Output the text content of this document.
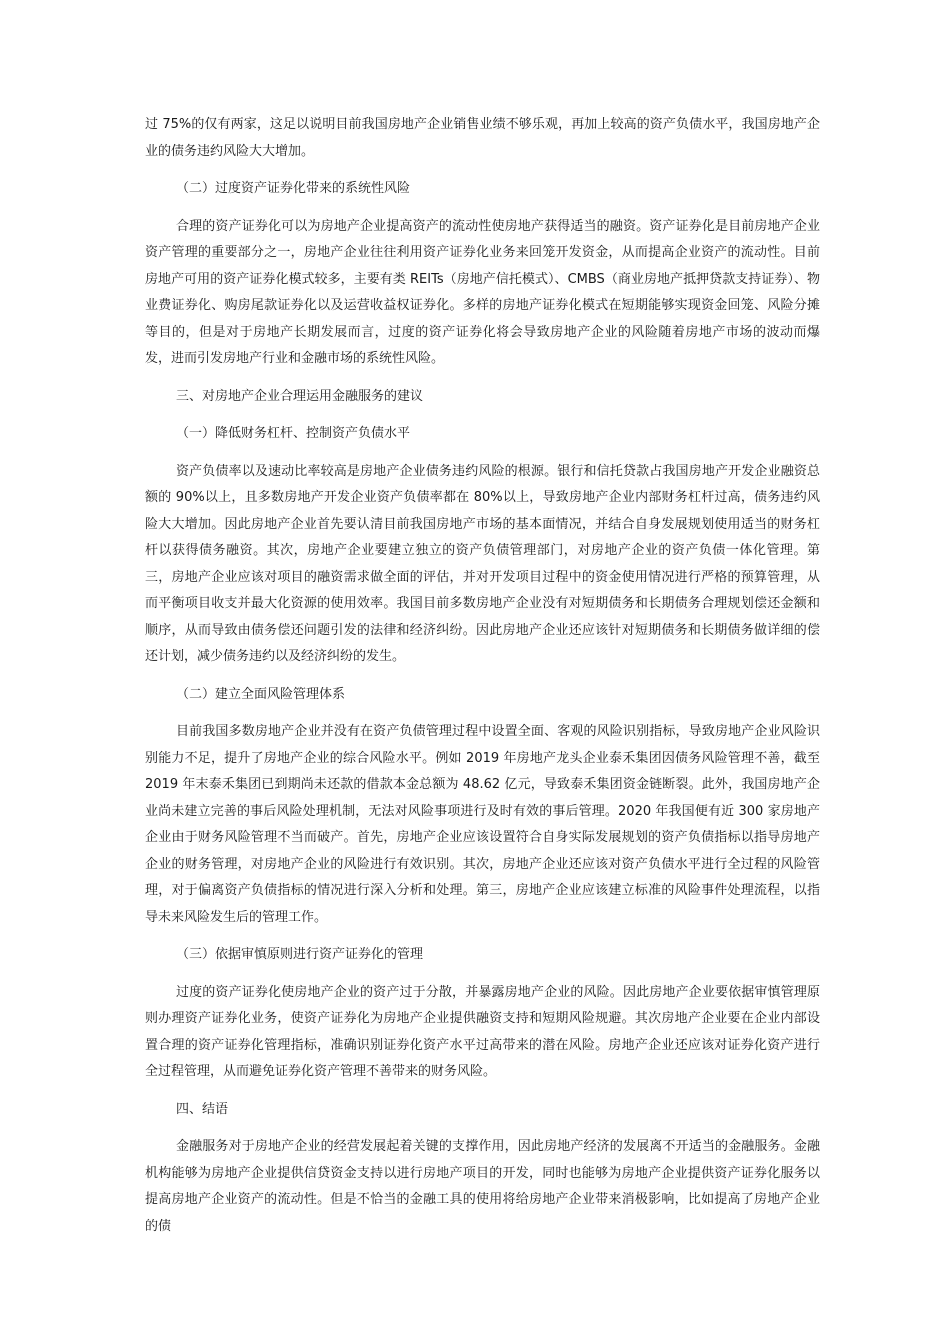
过 75%的仅有两家，这足以说明目前我国房地产企业销售业绩不够乐观，再加上较高的资产负债水平，我国房地产企业的债务违约风险大大增加。

（二）过度资产证券化带来的系统性风险

合理的资产证券化可以为房地产企业提高资产的流动性使房地产获得适当的融资。资产证券化是目前房地产企业资产管理的重要部分之一，房地产企业往往利用资产证券化业务来回笼开发资金，从而提高企业资产的流动性。目前房地产可用的资产证券化模式较多，主要有类 REITs（房地产信托模式）、CMBS（商业房地产抵押贷款支持证券）、物业费证券化、购房尾款证券化以及运营收益权证券化。多样的房地产证券化模式在短期能够实现资金回笼、风险分摊等目的，但是对于房地产长期发展而言，过度的资产证券化将会导致房地产企业的风险随着房地产市场的波动而爆发，进而引发房地产行业和金融市场的系统性风险。

三、对房地产企业合理运用金融服务的建议

（一）降低财务杠杆、控制资产负债水平

资产负债率以及速动比率较高是房地产企业债务违约风险的根源。银行和信托贷款占我国房地产开发企业融资总额的 90%以上，且多数房地产开发企业资产负债率都在 80%以上，导致房地产企业内部财务杠杆过高，债务违约风险大大增加。因此房地产企业首先要认清目前我国房地产市场的基本面情况，并结合自身发展规划使用适当的财务杠杆以获得债务融资。其次，房地产企业要建立独立的资产负债管理部门，对房地产企业的资产负债一体化管理。第三，房地产企业应该对项目的融资需求做全面的评估，并对开发项目过程中的资金使用情况进行严格的预算管理，从而平衡项目收支并最大化资源的使用效率。我国目前多数房地产企业没有对短期债务和长期债务合理规划偿还金额和顺序，从而导致由债务偿还问题引发的法律和经济纠纷。因此房地产企业还应该针对短期债务和长期债务做详细的偿还计划，减少债务违约以及经济纠纷的发生。

（二）建立全面风险管理体系

目前我国多数房地产企业并没有在资产负债管理过程中设置全面、客观的风险识别指标，导致房地产企业风险识别能力不足，提升了房地产企业的综合风险水平。例如 2019 年房地产龙头企业泰禾集团因债务风险管理不善，截至 2019 年末泰禾集团已到期尚未还款的借款本金总额为 48.62 亿元，导致泰禾集团资金链断裂。此外，我国房地产企业尚未建立完善的事后风险处理机制，无法对风险事项进行及时有效的事后管理。2020 年我国便有近 300 家房地产企业由于财务风险管理不当而破产。首先，房地产企业应该设置符合自身实际发展规划的资产负债指标以指导房地产企业的财务管理，对房地产企业的风险进行有效识别。其次，房地产企业还应该对资产负债水平进行全过程的风险管理，对于偏离资产负债指标的情况进行深入分析和处理。第三，房地产企业应该建立标准的风险事件处理流程，以指导未来风险发生后的管理工作。

（三）依据审慎原则进行资产证券化的管理

过度的资产证券化使房地产企业的资产过于分散，并暴露房地产企业的风险。因此房地产企业要依据审慎管理原则办理资产证券化业务，使资产证券化为房地产企业提供融资支持和短期风险规避。其次房地产企业要在企业内部设置合理的资产证券化管理指标，准确识别证券化资产水平过高带来的潜在风险。房地产企业还应该对证券化资产进行全过程管理，从而避免证券化资产管理不善带来的财务风险。

四、结语

金融服务对于房地产企业的经营发展起着关键的支撑作用，因此房地产经济的发展离不开适当的金融服务。金融机构能够为房地产企业提供信贷资金支持以进行房地产项目的开发，同时也能够为房地产企业提供资产证券化服务以提高房地产企业资产的流动性。但是不恰当的金融工具的使用将给房地产企业带来消极影响，比如提高了房地产企业的债
